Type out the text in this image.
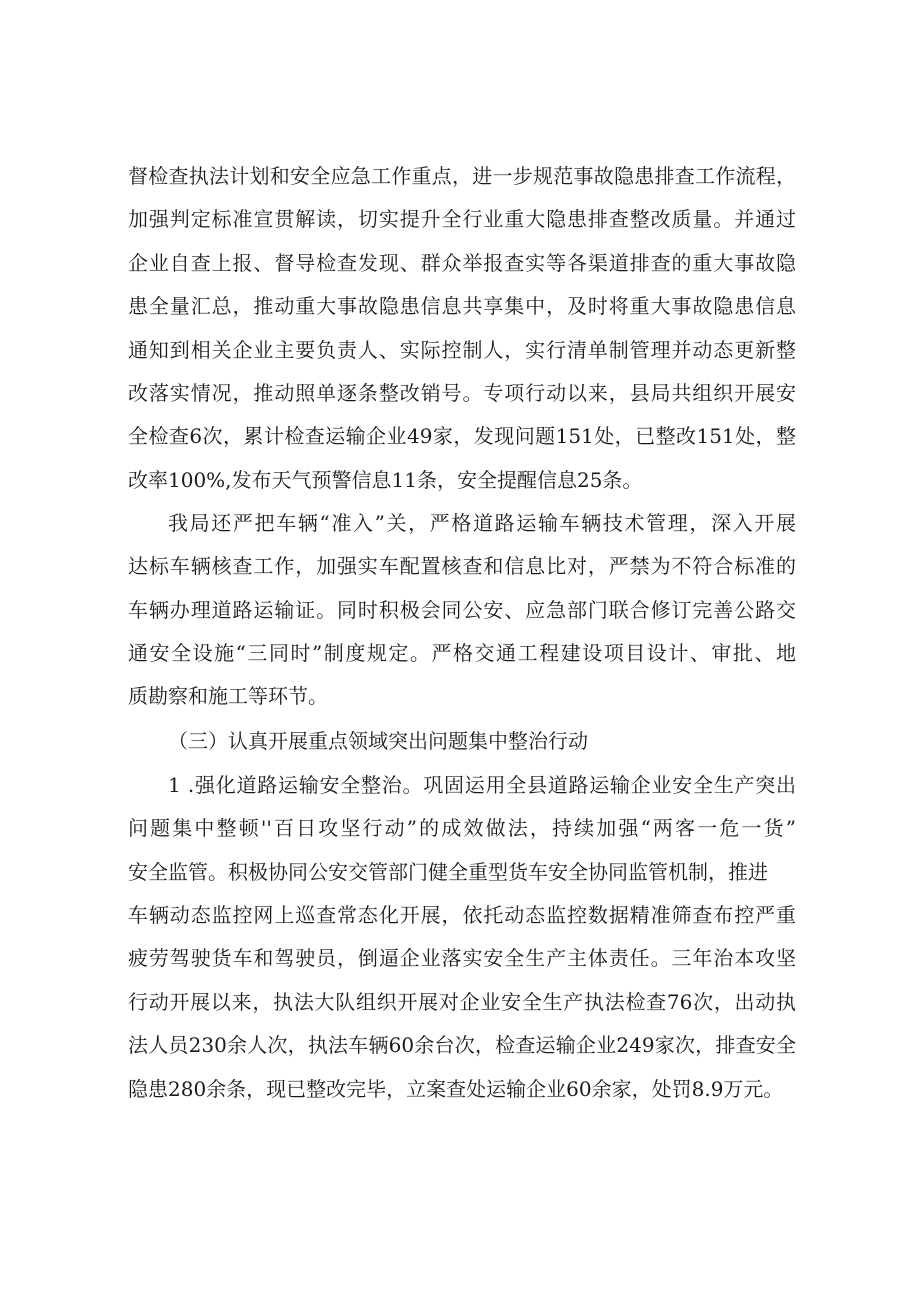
督检查执法计划和安全应急工作重点，进一步规范事故隐患排查工作流程，
加强判定标准宣贯解读，切实提升全行业重大隐患排查整改质量。并通过
企业自查上报、督导检查发现、群众举报查实等各渠道排查的重大事故隐
患全量汇总，推动重大事故隐患信息共享集中，及时将重大事故隐患信息
通知到相关企业主要负责人、实际控制人，实行清单制管理并动态更新整
改落实情况，推动照单逐条整改销号。专项行动以来，县局共组织开展安
全检查6次，累计检查运输企业49家，发现问题151处，已整改151处，整
改率100%,发布天气预警信息11条，安全提醒信息25条。
我局还严把车辆“准入”关，严格道路运输车辆技术管理，深入开展
达标车辆核查工作，加强实车配置核查和信息比对，严禁为不符合标准的
车辆办理道路运输证。同时积极会同公安、应急部门联合修订完善公路交
通安全设施“三同时”制度规定。严格交通工程建设项目设计、审批、地
质勘察和施工等环节。
（三）认真开展重点领域突出问题集中整治行动
1 .强化道路运输安全整治。巩固运用全县道路运输企业安全生产突出
问题集中整顿''百日攻坚行动”的成效做法，持续加强“两客一危一货”
安全监管。积极协同公安交管部门健全重型货车安全协同监管机制，推进
车辆动态监控网上巡查常态化开展，依托动态监控数据精准筛查布控严重
疲劳驾驶货车和驾驶员，倒逼企业落实安全生产主体责任。三年治本攻坚
行动开展以来，执法大队组织开展对企业安全生产执法检查76次，出动执
法人员230余人次，执法车辆60余台次，检查运输企业249家次，排查安全
隐患280余条，现已整改完毕，立案查处运输企业60余家，处罚8.9万元。
